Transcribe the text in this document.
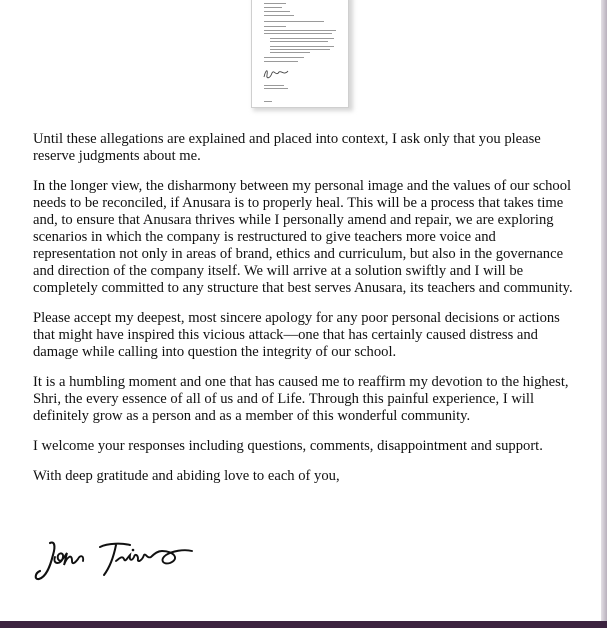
Until these allegations are explained and placed into context, I ask only that you please reserve judgments about me.

In the longer view, the disharmony between my personal image and the values of our school needs to be reconciled, if Anusara is to properly heal. This will be a process that takes time and, to ensure that Anusara thrives while I personally amend and repair, we are exploring scenarios in which the company is restructured to give teachers more voice and representation not only in areas of brand, ethics and curriculum, but also in the governance and direction of the company itself. We will arrive at a solution swiftly and I will be completely committed to any structure that best serves Anusara, its teachers and community.

Please accept my deepest, most sincere apology for any poor personal decisions or actions that might have inspired this vicious attack—one that has certainly caused distress and damage while calling into question the integrity of our school.

It is a humbling moment and one that has caused me to reaffirm my devotion to the highest, Shri, the every essence of all of us and of Life. Through this painful experience, I will definitely grow as a person and as a member of this wonderful community.

I welcome your responses including questions, comments, disappointment and support.

With deep gratitude and abiding love to each of you,
